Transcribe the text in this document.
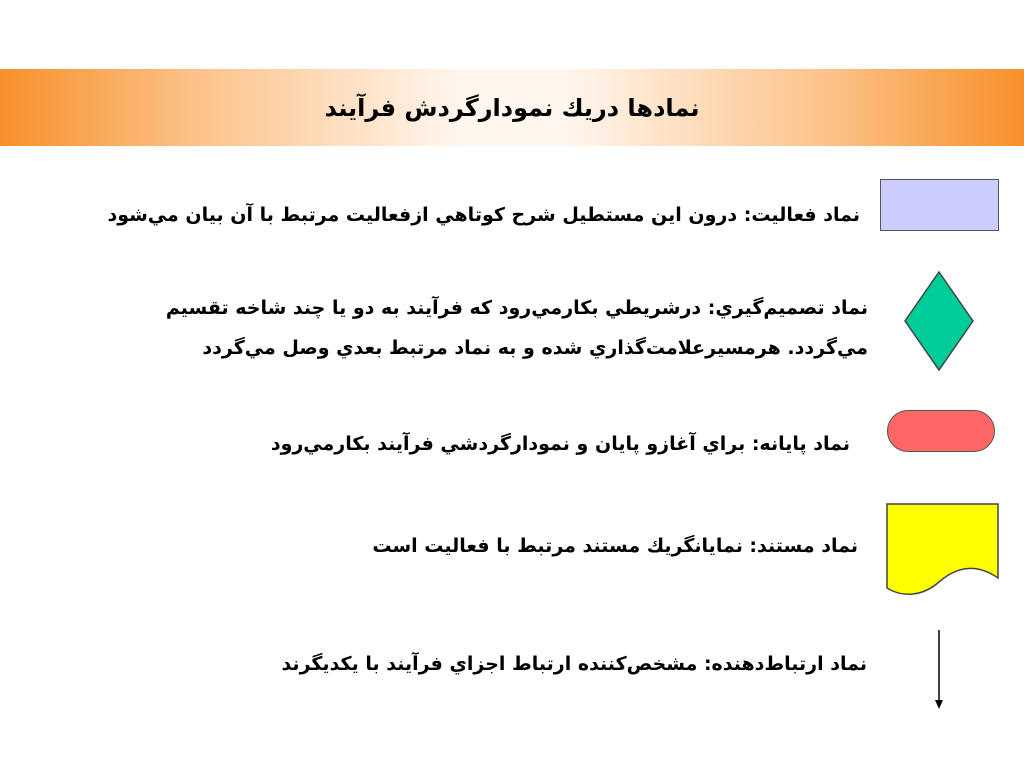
نمادها دريك نمودارگردش فرآيند
نماد فعاليت: درون اين مستطيل شرح كوتاهي ازفعاليت مرتبط با آن بيان مي‌شود
نماد تصميم‌گيري: درشريطي بكارمي‌رود كه فرآيند به دو يا چند شاخه تقسيم
مي‌گردد. هرمسيرعلامت‌گذاري شده و به نماد مرتبط بعدي وصل مي‌گردد
نماد پايانه: براي آغازو پايان و نمودارگردشي فرآيند بكارمي‌رود
نماد مستند: نمايانگريك مستند مرتبط با فعاليت است
نماد ارتباط‌دهنده: مشخص‌كننده ارتباط اجزاي فرآيند با يكديگرند
